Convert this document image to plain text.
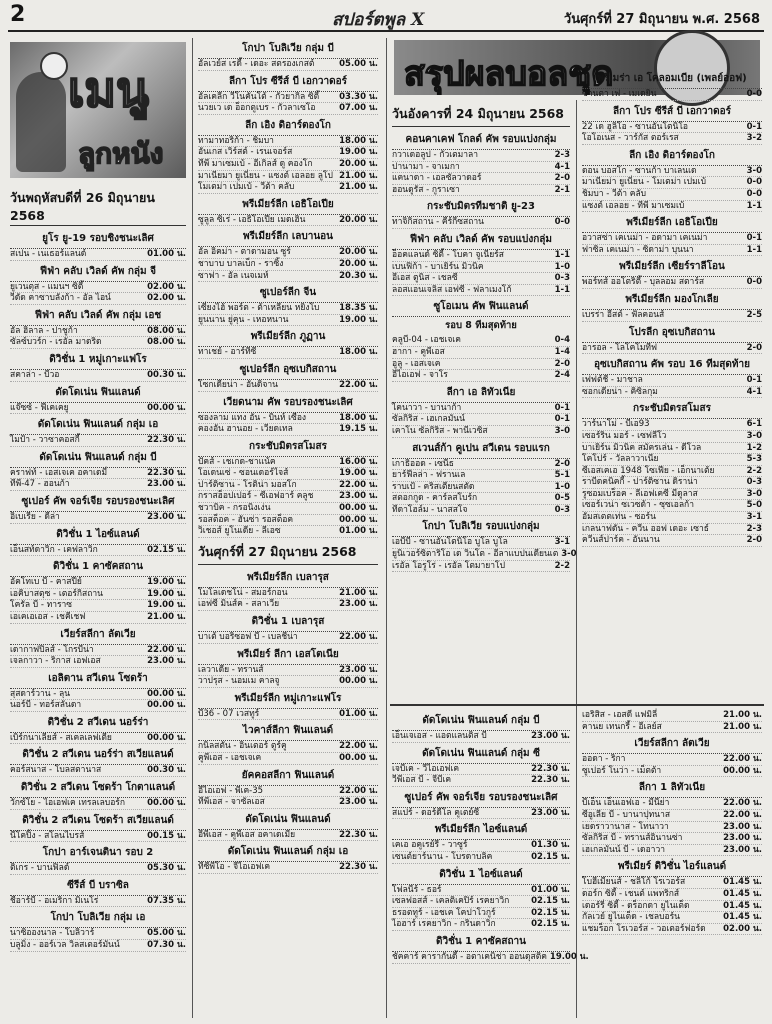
2	สปอร์ตพูล X	วันศุกร์ที่ 27 มิถุนายน พ.ศ. 2568
เมนู
ลูกหนัง
สรุปผลบอลชุด
วันพฤหัสบดีที่ 26 มิถุนายน 2568
ยูโร ยู-19 รอบชิงชนะเลิศ
สเปน - เนเธอร์แลนด์	01.00 น.
ฟีฟ่า คลับ เวิลด์ คัพ กลุ่ม จี
ยูเวนตุส - แมนฯ ซิตี้	02.00 น.
วีดัด คาซาบลังก้า - อัล ไอน์	02.00 น.
ฟีฟ่า คลับ เวิลด์ คัพ กลุ่ม เอช
อัล ฮิลาล - ปาชูก้า	08.00 น.
ซัลซ์บวร์ก - เรอัล มาดริด	08.00 น.
ดิวิชั่น 1 หมู่เกาะแฟโร
สคาล่า - บีวอ	00.30 น.
ดัดโดเน่น ฟินแลนด์
แจ๊ซซ์ - ฟีเคเคยู	00.00 น.
ดัดโดเน่น ฟินแลนด์ กลุ่ม เอ
ไมป้า - วาซาคอสกี้	22.30 น.
ดัดโดเน่น ฟินแลนด์ กลุ่ม บี
คราฟท์ - เอสเจเค อคาเดมี่	22.30 น.
ทีพี-47 - ฮอนก้า	23.00 น.
ซูเปอร์ คัพ จอร์เจีย รอบรองชนะเลิศ
อิเบเรีย - ดีล่า	23.00 น.
ดิวิชั่น 1 ไอซ์แลนด์
เอ็นสท์ดาวิก - เคฟลาวิก	02.15 น.
ดิวิชั่น 1 คาซัคสถาน
อัคโทเบ บี - คาสปีย์	19.00 น.
เอคิบาสตุซ - เตอร์กิสถาน	19.00 น.
โครัล บี - ทาราซ	19.00 น.
เอเคเอเอส - เชคีเชฟ	21.00 น.
เวียร์สลีกา ลัตเวีย
เดากาฟปิลส์ - โกรบีน่า	22.00 น.
เจลกาวา - ริกาส เอฟเอส	23.00 น.
เอลิตาน สวีเดน โซดร้า
สุสดาร์วาน - ลุน	00.00 น.
นอร์บี - ทอร์สลันดา	00.00 น.
ดิวิชั่น 2 สวีเดน นอร์ร่า
เบิร์กนาเลียส์ - สเคลเลฟเตีย	00.00 น.
ดิวิชั่น 2 สวีเดน นอร์ร่า สเวียแลนด์
คอร์สนาส - โบลสตานาส	00.30 น.
ดิวิชั่น 2 สวีเดน โซดร้า โกตาแลนด์
วักซ์โย - ไอเอฟเค เทรลเลบอร์ก	00.00 น.
ดิวิชั่น 2 สวีเดน โซดร้า สเวียแลนด์
นีโคปิ้ง - สโลนไบรส์	00.15 น.
โกปา อาร์เจนตินา รอบ 2
ติเกร - บานฟิลด์	05.30 น.
ซีรีส์ บี บราซิล
ชีอาร์บี - อเมริกา มิเนโร่	07.35 น.
โกปา โบลิเวีย กลุ่ม เอ
นาซิอองนาล - โบลิวาร์	05.00 น.
บลูมิ่ง - ออร์เวล วิลสเตอร์มันน์	07.30 น.
โกปา โบลิเวีย กลุ่ม บี
อัลเวย์ส เรดี้ - เดอะ สตรองเกสต์	05.00 น.
ลีกา โปร ซีรีส์ บี เอกวาดอร์
อัลเคลีก วีโนคันโต้ - กัวยากิล ซิตี้	03.30 น.
นวยเว เด อ็อกตูเบร - กัวลาเซโอ	07.00 น.
ลีก เอิง ดิอาร์ตองโก
ทามาทอริก้า - ชิมบา	18.00 น.
อันเกส เวิร์สต์ - เรนเจอร์ส	19.00 น.
ทีพี มาเซมเบ้ - อีเกิลส์ ดู คองโก	20.00 น.
มาเนียมา ยูเนี่ยน - แซงต์ เอลอย ลูโป 21.00 น.
โมเตม่า เปมเบ้ - วีต้า คลับ	21.00 น.
พรีเมียร์ลีก เอธิโอเปีย
ซูลูล ซิเร่ - เอธิโอเปีย เมดเฮิน	20.00 น.
พรีเมียร์ลีก เลบานอน
อัล อิคม่า - ตาดามอน ซูร์	20.00 น.
ชาบาบ บาลเบ็ก - ราซิ้ง	20.00 น.
ซาฟา - อัล เนจเมห์	20.30 น.
ซูเปอร์ลีก จีน
เซี่ยงไฮ้ พอร์ต - ต้าเหลียน หยิงโบ	18.35 น.
ยูนนาน ยู่คุน - เหอหนาน	19.00 น.
พรีเมียร์ลีก ภูฏาน
ทาเชย์ - อาร์ทีซี	18.00 น.
ซูเปอร์ลีก อุซเบกิสถาน
โซกเดียน่า - อันดิจาน	22.00 น.
เวียดนาม คัพ รอบรองชนะเลิศ
ซองลาม แทง อัน - บินห์ เซือง	18.00 น.
คองอัน ฮานอย - เวียดเทล	19.15 น.
กระชับมิตรสโมสร
ปัคส์ - เชเกด-ชาแน้ค	16.00 น.
โอเดนเซ่ - ซอนเดอร์ไจส์	19.00 น.
ปาร์ติซาน - โรติน่า มอสโก	22.00 น.
กราสฮ็อปเปอร์ - ซีเอฟอาร์ คลูช	23.00 น.
ชวาบิค - กรอนิงเง่น	00.00 น.
รอสต็อค - ฮันซ่า รอสต็อค	00.00 น.
วิเชอส์ ยูโนเดีย - ลีเอซ	01.00 น.
วันศุกร์ที่ 27 มิถุนายน 2568
พรีเมียร์ลีก เบลารุส
โมโลเดชโน่ - สมอร์กอน	21.00 น.
เอฟซี มินส์ค - สลาเวีย	23.00 น.
ดิวิชั่น 1 เบลารุส
บาเต้ บอริซอฟ บี - เบลชีน่า	22.00 น.
พรีเมียร์ ลีกา เอสโตเนีย
เลวาเดีย - ทรานส์	23.00 น.
วาปรุส - นอมเม คาลจู	00.00 น.
พรีเมียร์ลีก หมู่เกาะแฟโร
บี36 - 07 เวสทูร์	01.00 น.
ไวคาส์ลีกา ฟินแลนด์
กนิลสตัน - อินเตอร์ ตูร์คู	22.00 น.
คูพีเอส - เอชเจเค	00.00 น.
ยัคคอสลีกา ฟินแลนด์
อีไอเอฟ - พีเค-35	22.00 น.
ทีพีเอส - จาซัลเอส	23.00 น.
ดัดโดเน่น ฟินแลนด์
อีพีเอส - คูพีเอส อคาเดเมีย	22.30 น.
ดัดโดเน่น ฟินแลนด์ กลุ่ม เอ
ทีซีพีโอ - จีไอเอฟเค	22.30 น.
วันอังคารที่ 24 มิถุนายน 2568
คอนคาเคฟ โกลด์ คัพ รอบแบ่งกลุ่ม
กวาเดอลูป - กัวเตมาลา	2-3
ปานามา - จาเมกา	4-1
แคนาดา - เอลซัลวาดอร์	2-0
ฮอนดูรัส - กูราเซา	2-1
กระชับมิตรทีมชาติ ยู-23
ทาจิกิสถาน - คีร์กีซสถาน	0-0
ฟีฟ่า คลับ เวิลด์ คัพ รอบแบ่งกลุ่ม
อ็อคแลนด์ ซิตี้ - โบคา จูเนียร์ส	1-1
เบนฟิก้า - บาเยิร์น มิวนิค	1-0
อีเอส ตูนิส - เชลซี	0-3
ลอสแอนเจลิส เอฟซี - ฟลาเมงโก้	1-1
ซูโอเมน คัพ ฟินแลนด์
รอบ 8 ทีมสุดท้าย
คลูบี-04 - เอชเจเค	0-4
ฮากา - คูพีเอส	1-4
อูลู - เอสเจเค	2-0
อีไอเอฟ - จาโร	2-4
ลีกา เอ ลิทัวเนีย
ไคนาวา - บานาก้า	0-1
ซัลกิริส - เฮเกลมันน์	0-1
เคาโน ซัลกิริส - พานีเวซิส	3-0
สเวนส์ก้า คูเปน สวีเดน รอบแรก
เกาธิออด - เซนีธ	2-0
ยาร์ฟีลล่า - ฟรานเล	5-1
ราบเป้ - คริสเตียนสตัด	1-0
สตอกกูด - คาร์ลสโบร์ก	0-5
ทีดาโฮล์ม - นาสสโจ	0-3
โกปา โบลิเวีย รอบแบ่งกลุ่ม
เอบีบี - ซานอันโตนิโอ บูโล บูโล	3-1
ยูนิเวอร์ซิตาริโอ เด วินโต - อีลาแบปนเดียนเต 3-0
เรอัล โอรูโร่ - เรอัล โตมายาโป	2-2
พรีเมร่า เอ โคลอมเบีย (เพลย์ออฟ)
ซานตา เฟ - เมเดยิน	0-0
ลีกา โปร ซีรีส์ บี เอกวาดอร์
22 เด ฮูลิโอ - ซานอันโตนิโอ	0-1
โอโอเนส - วาร์กัส ตอร์เรส	3-2
ลีก เอิง ดิอาร์ตองโก
ดอน บอสโก - ซานก้า บาเลนเด	3-0
มาเนียม่า ยูเนี่ยน - โมเตม่า เปมเบ้	0-0
ชิมบา - วีต้า คลับ	0-0
แซงต์ เอลอย - ทีพี มาเซมเบ้	1-1
พรีเมียร์ลีก เอธิโอเปีย
อวาสซ่า เคเนม่า - อดามา เคเนม่า	0-1
ฟาซิล เคเนม่า - ซิดาม่า บุนนา	1-1
พรีเมียร์ลีก เซียร์ราลีโอน
พอร์ทส์ ออโตริตี้ - บุลลอม สตาร์ส	0-0
พรีเมียร์ลีก มองโกเลีย
เบรร่า อีสต์ - ฟัลคอนส์	2-5
โปรลีก อุซเบกิสถาน
อารอล - โลโคโมทีฟ	2-0
อุซเบกิสถาน คัพ รอบ 16 ทีมสุดท้าย
เฟฟต์ชี - มาชาล	0-1
ซอกเดียน่า - คิซิลกุม	4-1
กระชับมิตรสโมสร
วาร์นาโม่ - บีเอ93	6-1
เซอร์ริน มอร์ - เซฟลีโว	3-0
บาเยิร์น มิวนิค สมัครเล่น - ดีโวล	1-2
โคโปร์ - วัลลาวาเนีย	5-3
ซีเอสเคเอ 1948 โซเฟีย - เอ็กนาเต้ย	2-2
ราบีดคนิคกี้ - ปาร์ติซาน ดิราน่า	0-3
รูซอมเบร็อค - ลีเอฟเคซี มีดูลาส	3-0
เซอร์เวน่า ซเวซด้า - ซุซเอลก้า	5-0
อัมสเตตเท่น - ซอร์น	3-1
เกลนาฟดัน - ควีน ออฟ เดอะ เซาธ์	2-3
ควีนส์ปาร์ค - อันนาน	2-0
ดัดโดเน่น ฟินแลนด์ กลุ่ม บี
เอ็นเจเอส - แอตแลนติส บี	23.00 น.
ดัดโดเน่น ฟินแลนด์ กลุ่ม ซี
เจบีเค - วีไอเอฟเค	22.30 น.
วีพีเอส บี - จีบีเค	22.30 น.
ซูเปอร์ คัพ จอร์เจีย รอบรองชนะเลิศ
สแปร์ - ดอร์ดีโล คูเตย์ซี	23.00 น.
พรีเมียร์ลีก ไอซ์แลนด์
เคเอ อคูเรย์รี - วาซูร์	01.30 น.
เซนต์ยาร์นาน - โบรดาบลิค	02.15 น.
ดิวิชั่น 1 ไอซ์แลนด์
โฟลนีร์ - ธอร์	01.00 น.
เซลฟอสส์ - เคลติเคปิร์ เรคยาวิก	02.15 น.
ธรอตทูร์ - เอชเค โคปาโวกูร์	02.15 น.
ไอฮาร์ เรคยาวิก - กรินดาวิก	02.15 น.
ดิวิชั่น 1 คาซัคสถาน
ชัคคาร์ คารากันดี้ - อตาเคนิช่า ออนดุสติค 19.00 น.
เอริสิส - เอสดี แฟมิลี่	21.00 น.
คานย เทนกรี้ - อีเลย์ส	21.00 น.
เวียร์สลีกา ลัตเวีย
ออดา - ริกา	22.00 น.
ซูเปอร์ โนว่า - เม็ตต้า	00.00 น.
ลีกา 1 ลิทัวเนีย
บีเอ็น เอ็นเอฟเอ - มีนีย่า	22.00 น.
ซีอูเลีย บี - บานาปุทนาส	22.00 น.
เยดราวานาส - โทนาวา	23.00 น.
ซัลกิริส บี - ทรานส์อินานซ่า	23.00 น.
เฮเกลมันน์ บี - เดอาวา	23.00 น.
พรีเมียร์ ดิวิชั่น ไอร์แลนด์
โบฮีเมียนส์ - ชลิโก้ โรเวอร์ส	01.45 น.
ดอร์ก ซิตี้ - เชนต์ แพทริกส์	01.45 น.
เดอร์รี่ ซิตี้ - ดร็อกดา ยูไนเต็ด	01.45 น.
กัลเวย์ ยูไนเต็ด - เชลบอร์น	01.45 น.
แชมร็อก โรเวอร์ส - วอเตอร์ฟอร์ด	02.00 น.
